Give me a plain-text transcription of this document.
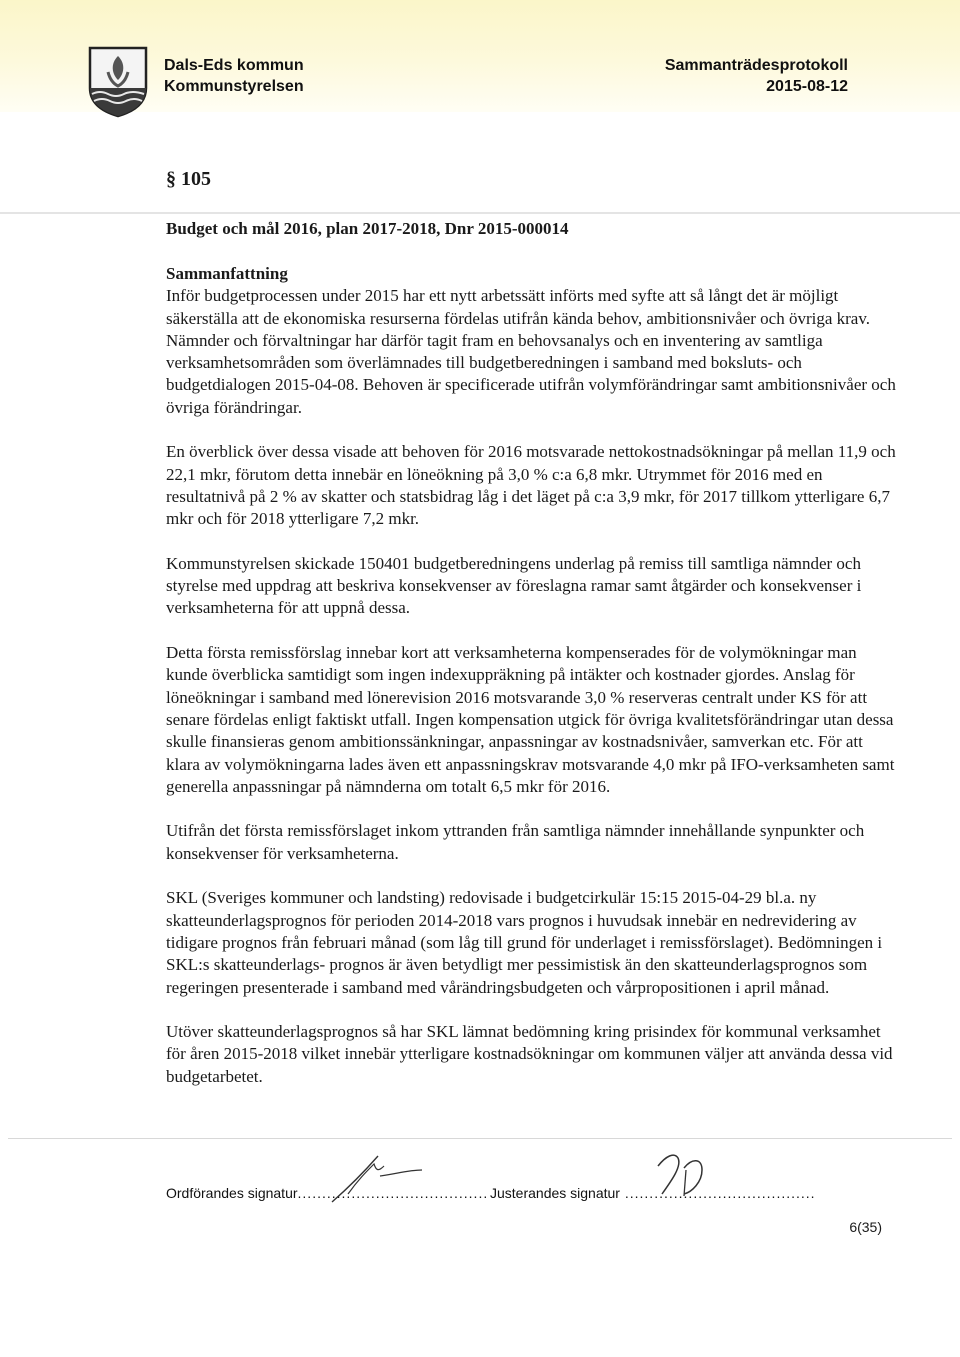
Dals-Eds kommun
Kommunstyrelsen
Sammanträdesprotokoll
2015-08-12
§ 105
Budget och mål 2016, plan 2017-2018, Dnr 2015-000014
Sammanfattning

Inför budgetprocessen under 2015 har ett nytt arbetssätt införts med syfte att så långt det är möjligt säkerställa att de ekonomiska resurserna fördelas utifrån kända behov, ambitionsnivåer och övriga krav. Nämnder och förvaltningar har därför tagit fram en behovsanalys och en inventering av samtliga verksamhetsområden som överlämnades till budgetberedningen i samband med boksluts- och budgetdialogen 2015-04-08. Behoven är specificerade utifrån volymförändringar samt ambitionsnivåer och övriga förändringar.

En överblick över dessa visade att behoven för 2016 motsvarade nettokostnadsökningar på mellan 11,9 och 22,1 mkr, förutom detta innebär en löneökning på 3,0 % c:a 6,8 mkr. Utrymmet för 2016 med en resultatnivå på 2 % av skatter och statsbidrag låg i det läget på c:a 3,9 mkr, för 2017 tillkom ytterligare 6,7 mkr och för 2018 ytterligare 7,2 mkr.

Kommunstyrelsen skickade 150401 budgetberedningens underlag på remiss till samtliga nämnder och styrelse med uppdrag att beskriva konsekvenser av föreslagna ramar samt åtgärder och konsekvenser i verksamheterna för att uppnå dessa.

Detta första remissförslag innebar kort att verksamheterna kompenserades för de volymökningar man kunde överblicka samtidigt som ingen indexuppräkning på intäkter och kostnader gjordes. Anslag för löneökningar i samband med lönerevision 2016 motsvarande 3,0 % reserveras centralt under KS för att senare fördelas enligt faktiskt utfall. Ingen kompensation utgick för övriga kvalitetsförändringar utan dessa skulle finansieras genom ambitionssänkningar, anpassningar av kostnadsnivåer, samverkan etc. För att klara av volymökningarna lades även ett anpassningskrav motsvarande 4,0 mkr på IFO-verksamheten samt generella anpassningar på nämnderna om totalt 6,5 mkr för 2016.

Utifrån det första remissförslaget inkom yttranden från samtliga nämnder innehållande synpunkter och konsekvenser för verksamheterna.

SKL (Sveriges kommuner och landsting) redovisade i budgetcirkulär 15:15 2015-04-29 bl.a. ny skatteunderlagsprognos för perioden 2014-2018 vars prognos i huvudsak innebär en nedrevidering av tidigare prognos från februari månad (som låg till grund för underlaget i remissförslaget). Bedömningen i SKL:s skatteunderlags- prognos är även betydligt mer pessimistisk än den skatteunderlagsprognos som regeringen presenterade i samband med vårändringsbudgeten och vårpropositionen i april månad.

Utöver skatteunderlagsprognos så har SKL lämnat bedömning kring prisindex för kommunal verksamhet för åren 2015-2018 vilket innebär ytterligare kostnadsökningar om kommunen väljer att använda dessa vid budgetarbetet.

Ordförandes signatur....................................... Justerandes signatur .......................................
6(35)
